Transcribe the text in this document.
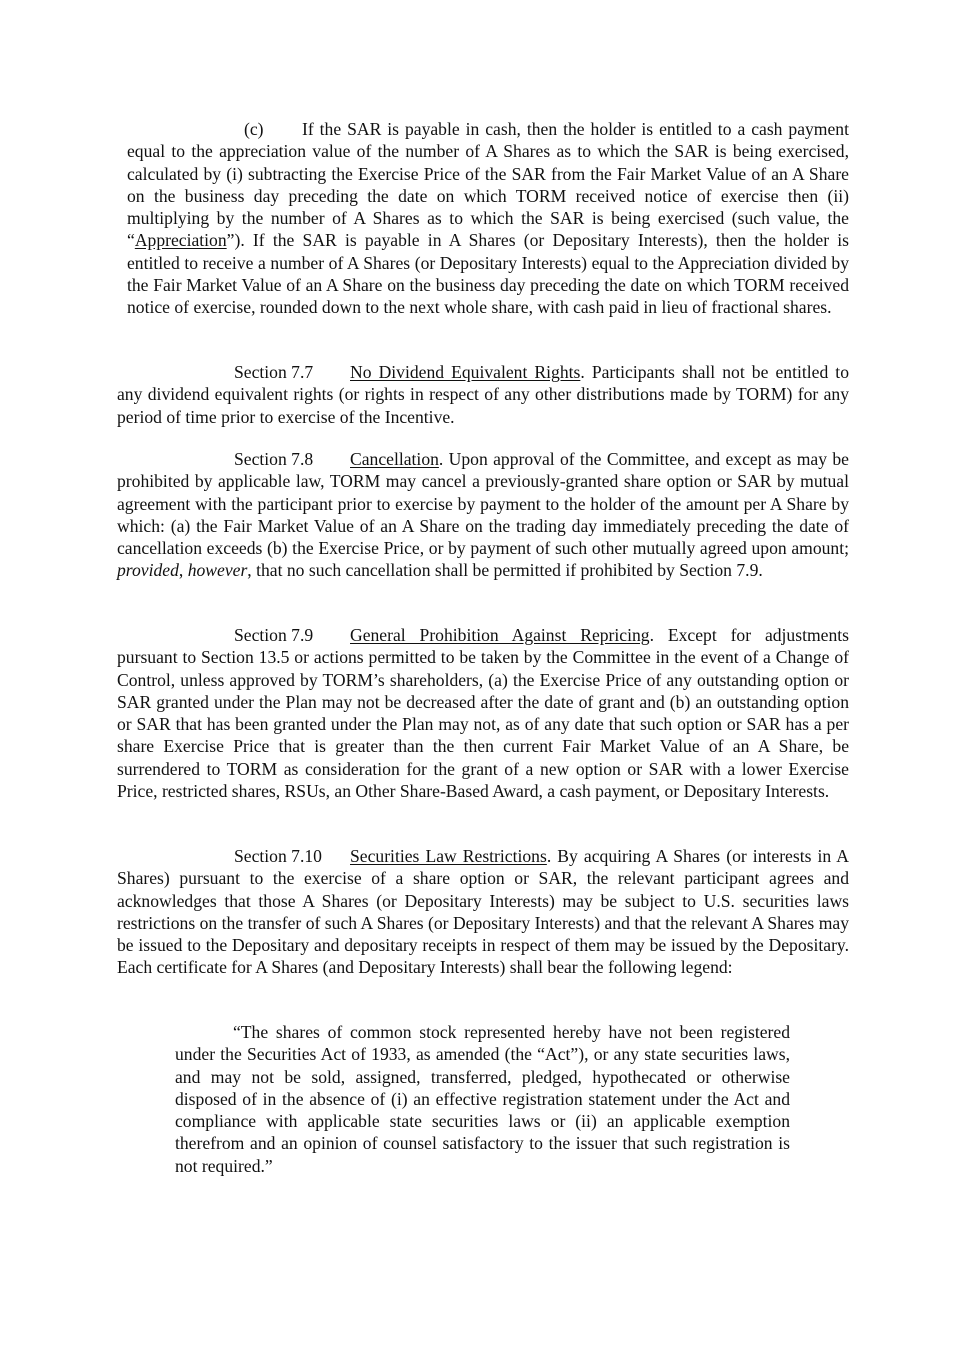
(c) If the SAR is payable in cash, then the holder is entitled to a cash payment equal to the appreciation value of the number of A Shares as to which the SAR is being exercised, calculated by (i) subtracting the Exercise Price of the SAR from the Fair Market Value of an A Share on the business day preceding the date on which TORM received notice of exercise then (ii) multiplying by the number of A Shares as to which the SAR is being exercised (such value, the “Appreciation”). If the SAR is payable in A Shares (or Depositary Interests), then the holder is entitled to receive a number of A Shares (or Depositary Interests) equal to the Appreciation divided by the Fair Market Value of an A Share on the business day preceding the date on which TORM received notice of exercise, rounded down to the next whole share, with cash paid in lieu of fractional shares.

Section 7.7 No Dividend Equivalent Rights. Participants shall not be entitled to any dividend equivalent rights (or rights in respect of any other distributions made by TORM) for any period of time prior to exercise of the Incentive.

Section 7.8 Cancellation. Upon approval of the Committee, and except as may be prohibited by applicable law, TORM may cancel a previously-granted share option or SAR by mutual agreement with the participant prior to exercise by payment to the holder of the amount per A Share by which: (a) the Fair Market Value of an A Share on the trading day immediately preceding the date of cancellation exceeds (b) the Exercise Price, or by payment of such other mutually agreed upon amount; provided, however, that no such cancellation shall be permitted if prohibited by Section 7.9.

Section 7.9 General Prohibition Against Repricing. Except for adjustments pursuant to Section 13.5 or actions permitted to be taken by the Committee in the event of a Change of Control, unless approved by TORM’s shareholders, (a) the Exercise Price of any outstanding option or SAR granted under the Plan may not be decreased after the date of grant and (b) an outstanding option or SAR that has been granted under the Plan may not, as of any date that such option or SAR has a per share Exercise Price that is greater than the then current Fair Market Value of an A Share, be surrendered to TORM as consideration for the grant of a new option or SAR with a lower Exercise Price, restricted shares, RSUs, an Other Share-Based Award, a cash payment, or Depositary Interests.

Section 7.10 Securities Law Restrictions. By acquiring A Shares (or interests in A Shares) pursuant to the exercise of a share option or SAR, the relevant participant agrees and acknowledges that those A Shares (or Depositary Interests) may be subject to U.S. securities laws restrictions on the transfer of such A Shares (or Depositary Interests) and that the relevant A Shares may be issued to the Depositary and depositary receipts in respect of them may be issued by the Depositary. Each certificate for A Shares (and Depositary Interests) shall bear the following legend:

“The shares of common stock represented hereby have not been registered under the Securities Act of 1933, as amended (the “Act”), or any state securities laws, and may not be sold, assigned, transferred, pledged, hypothecated or otherwise disposed of in the absence of (i) an effective registration statement under the Act and compliance with applicable state securities laws or (ii) an applicable exemption therefrom and an opinion of counsel satisfactory to the issuer that such registration is not required.”
